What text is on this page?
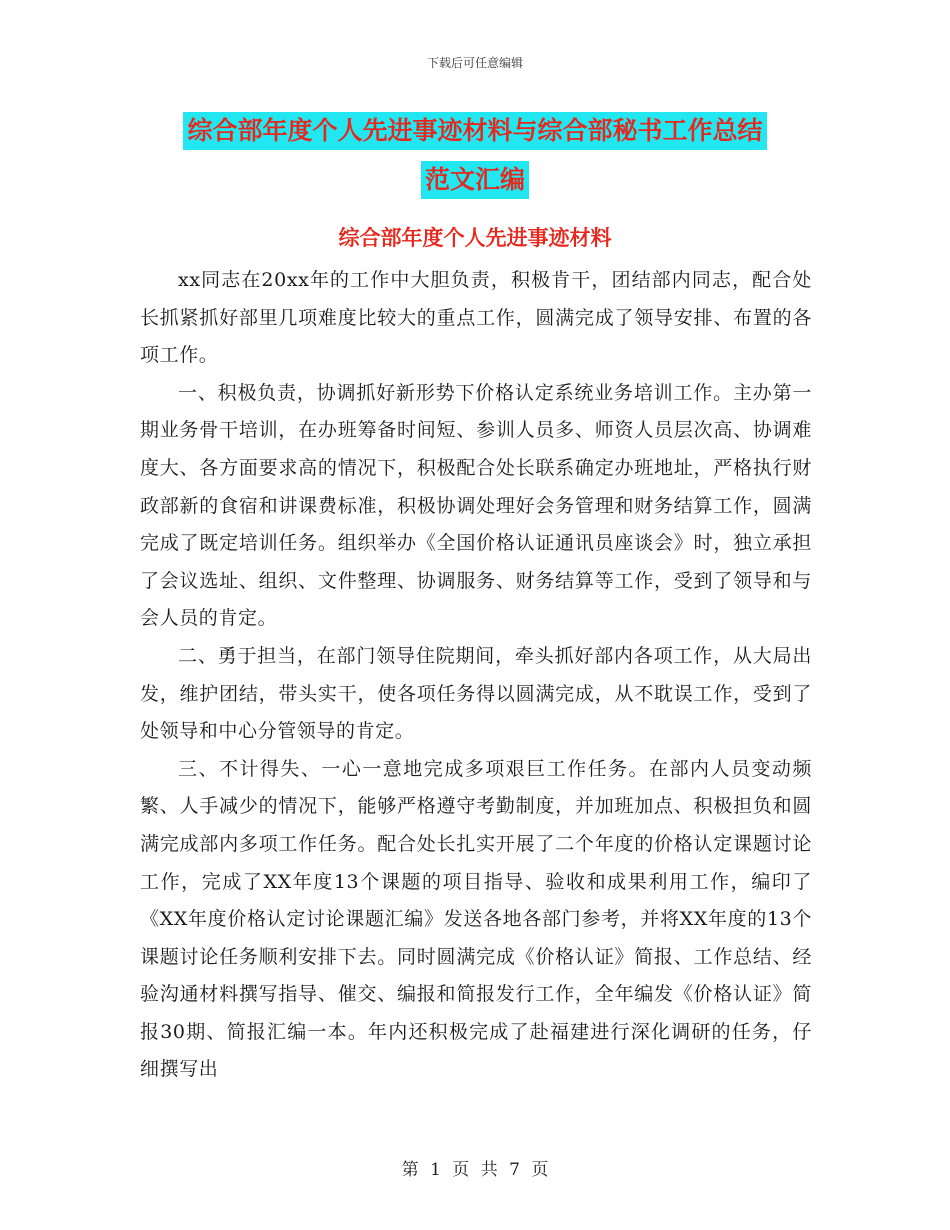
下载后可任意编辑
综合部年度个人先进事迹材料与综合部秘书工作总结
范文汇编
综合部年度个人先进事迹材料

xx同志在20xx年的工作中大胆负责，积极肯干，团结部内同志，配合处长抓紧抓好部里几项难度比较大的重点工作，圆满完成了领导安排、布置的各项工作。

一、积极负责，协调抓好新形势下价格认定系统业务培训工作。主办第一期业务骨干培训，在办班筹备时间短、参训人员多、师资人员层次高、协调难度大、各方面要求高的情况下，积极配合处长联系确定办班地址，严格执行财政部新的食宿和讲课费标准，积极协调处理好会务管理和财务结算工作，圆满完成了既定培训任务。组织举办《全国价格认证通讯员座谈会》时，独立承担了会议选址、组织、文件整理、协调服务、财务结算等工作，受到了领导和与会人员的肯定。

二、勇于担当，在部门领导住院期间，牵头抓好部内各项工作，从大局出发，维护团结，带头实干，使各项任务得以圆满完成，从不耽误工作，受到了处领导和中心分管领导的肯定。

三、不计得失、一心一意地完成多项艰巨工作任务。在部内人员变动频繁、人手减少的情况下，能够严格遵守考勤制度，并加班加点、积极担负和圆满完成部内多项工作任务。配合处长扎实开展了二个年度的价格认定课题讨论工作，完成了XX年度13个课题的项目指导、验收和成果利用工作，编印了《XX年度价格认定讨论课题汇编》发送各地各部门参考，并将XX年度的13个课题讨论任务顺利安排下去。同时圆满完成《价格认证》简报、工作总结、经验沟通材料撰写指导、催交、编报和简报发行工作，全年编发《价格认证》简报30期、简报汇编一本。年内还积极完成了赴福建进行深化调研的任务，仔细撰写出

第 1 页 共 7 页
